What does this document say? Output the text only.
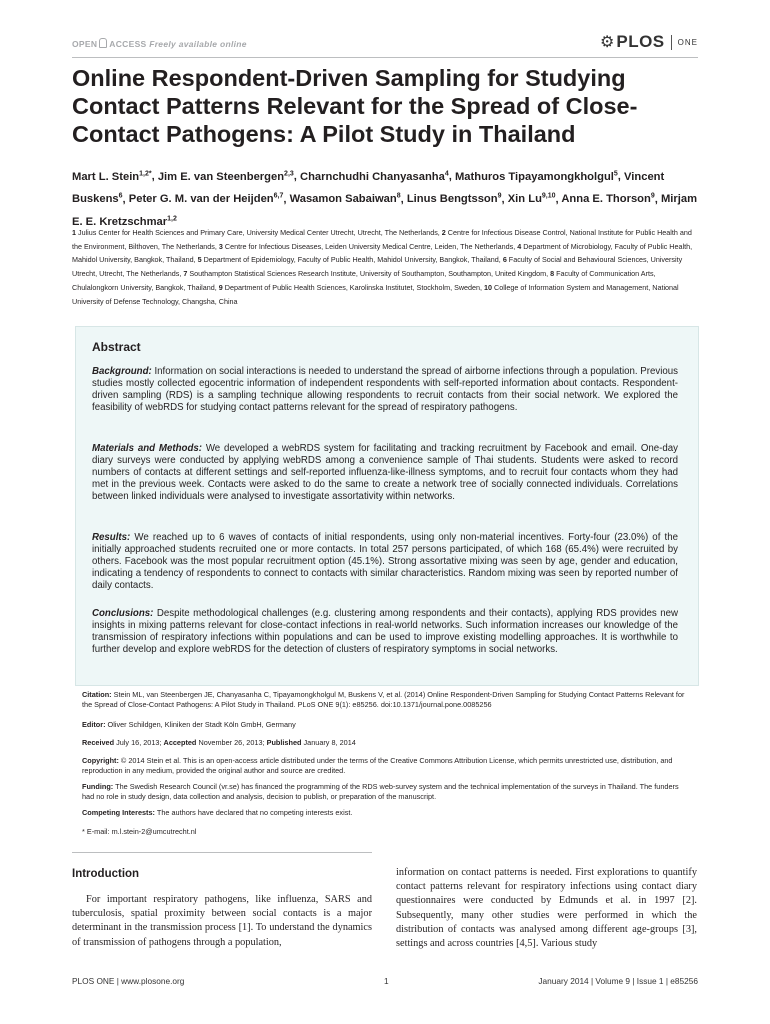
OPEN ACCESS Freely available online	⚙ PLOS ONE
Online Respondent-Driven Sampling for Studying Contact Patterns Relevant for the Spread of Close-Contact Pathogens: A Pilot Study in Thailand
Mart L. Stein$^{1,2*}$, Jim E. van Steenbergen$^{2,3}$, Charnchudhi Chanyasanha$^4$, Mathuros Tipayamongkholgul$^5$, Vincent Buskens$^6$, Peter G. M. van der Heijden$^{6,7}$, Wasamon Sabaiwan$^8$, Linus Bengtsson$^9$, Xin Lu$^{9,10}$, Anna E. Thorson$^9$, Mirjam E. E. Kretzschmar$^{1,2}$
1 Julius Center for Health Sciences and Primary Care, University Medical Center Utrecht, Utrecht, The Netherlands, 2 Centre for Infectious Disease Control, National Institute for Public Health and the Environment, Bilthoven, The Netherlands, 3 Centre for Infectious Diseases, Leiden University Medical Centre, Leiden, The Netherlands, 4 Department of Microbiology, Faculty of Public Health, Mahidol University, Bangkok, Thailand, 5 Department of Epidemiology, Faculty of Public Health, Mahidol University, Bangkok, Thailand, 6 Faculty of Social and Behavioural Sciences, University Utrecht, Utrecht, The Netherlands, 7 Southampton Statistical Sciences Research Institute, University of Southampton, Southampton, United Kingdom, 8 Faculty of Communication Arts, Chulalongkorn University, Bangkok, Thailand, 9 Department of Public Health Sciences, Karolinska Institutet, Stockholm, Sweden, 10 College of Information System and Management, National University of Defense Technology, Changsha, China
Abstract
Background: Information on social interactions is needed to understand the spread of airborne infections through a population. Previous studies mostly collected egocentric information of independent respondents with self-reported information about contacts. Respondent-driven sampling (RDS) is a sampling technique allowing respondents to recruit contacts from their social network. We explored the feasibility of webRDS for studying contact patterns relevant for the spread of respiratory pathogens.
Materials and Methods: We developed a webRDS system for facilitating and tracking recruitment by Facebook and email. One-day diary surveys were conducted by applying webRDS among a convenience sample of Thai students. Students were asked to record numbers of contacts at different settings and self-reported influenza-like-illness symptoms, and to recruit four contacts whom they had met in the previous week. Contacts were asked to do the same to create a network tree of socially connected individuals. Correlations between linked individuals were analysed to investigate assortativity within networks.
Results: We reached up to 6 waves of contacts of initial respondents, using only non-material incentives. Forty-four (23.0%) of the initially approached students recruited one or more contacts. In total 257 persons participated, of which 168 (65.4%) were recruited by others. Facebook was the most popular recruitment option (45.1%). Strong assortative mixing was seen by age, gender and education, indicating a tendency of respondents to connect to contacts with similar characteristics. Random mixing was seen by reported number of daily contacts.
Conclusions: Despite methodological challenges (e.g. clustering among respondents and their contacts), applying RDS provides new insights in mixing patterns relevant for close-contact infections in real-world networks. Such information increases our knowledge of the transmission of respiratory infections within populations and can be used to improve existing modelling approaches. It is worthwhile to further develop and explore webRDS for the detection of clusters of respiratory symptoms in social networks.
Citation: Stein ML, van Steenbergen JE, Chanyasanha C, Tipayamongkholgul M, Buskens V, et al. (2014) Online Respondent-Driven Sampling for Studying Contact Patterns Relevant for the Spread of Close-Contact Pathogens: A Pilot Study in Thailand. PLoS ONE 9(1): e85256. doi:10.1371/journal.pone.0085256
Editor: Oliver Schildgen, Kliniken der Stadt Köln GmbH, Germany
Received July 16, 2013; Accepted November 26, 2013; Published January 8, 2014
Copyright: © 2014 Stein et al. This is an open-access article distributed under the terms of the Creative Commons Attribution License, which permits unrestricted use, distribution, and reproduction in any medium, provided the original author and source are credited.
Funding: The Swedish Research Council (vr.se) has financed the programming of the RDS web-survey system and the technical implementation of the surveys in Thailand. The funders had no role in study design, data collection and analysis, decision to publish, or preparation of the manuscript.
Competing Interests: The authors have declared that no competing interests exist.
* E-mail: m.l.stein-2@umcutrecht.nl
Introduction
For important respiratory pathogens, like influenza, SARS and tuberculosis, spatial proximity between social contacts is a major determinant in the transmission process [1]. To understand the dynamics of transmission of pathogens through a population,
information on contact patterns is needed. First explorations to quantify contact patterns relevant for respiratory infections using contact diary questionnaires were conducted by Edmunds et al. in 1997 [2]. Subsequently, many other studies were performed in which the distribution of contacts was analysed among different age-groups [3], settings and across countries [4,5]. Various study
PLOS ONE | www.plosone.org	1	January 2014 | Volume 9 | Issue 1 | e85256
